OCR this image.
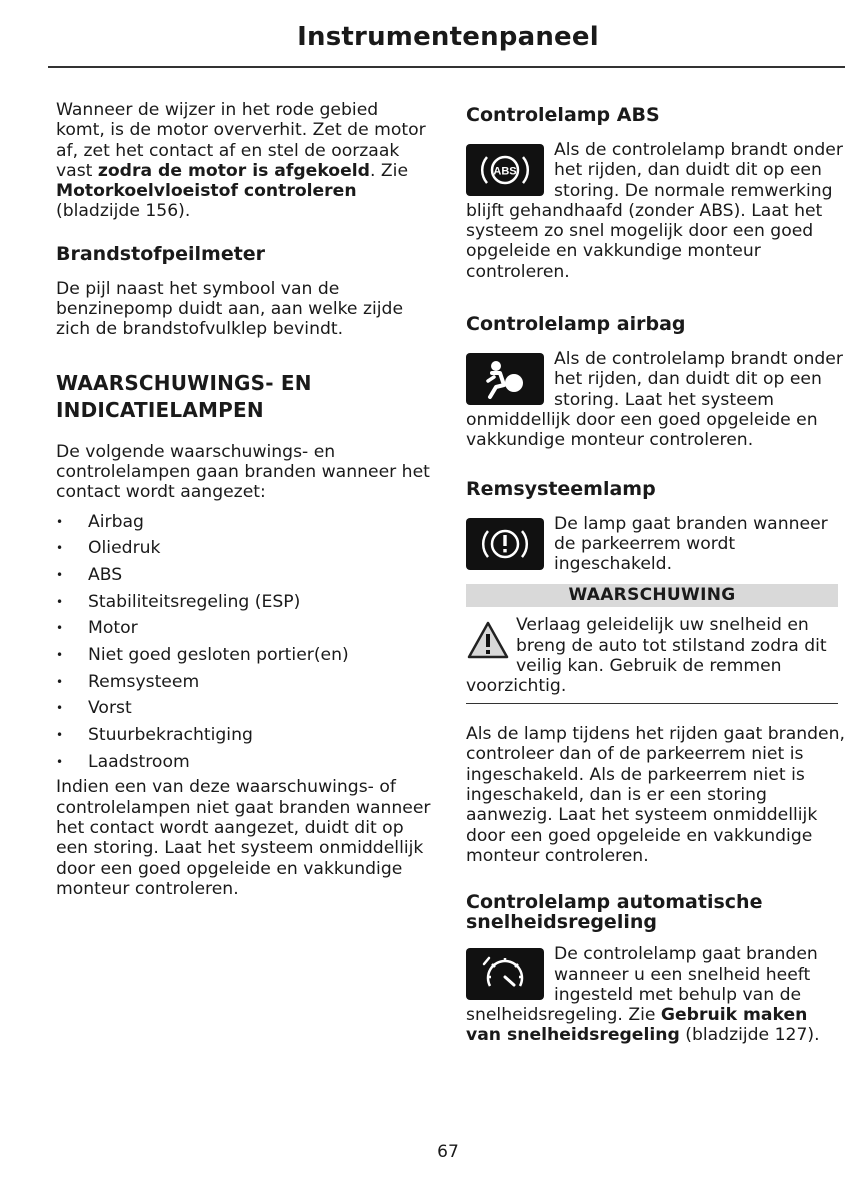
Instrumentenpaneel

Wanneer de wijzer in het rode gebied komt, is de motor oververhit. Zet de motor af, zet het contact af en stel de oorzaak vast zodra de motor is afgekoeld. Zie Motorkoelvloeistof controleren (bladzijde 156).

Brandstofpeilmeter

De pijl naast het symbool van de benzinepomp duidt aan, aan welke zijde zich de brandstofvulklep bevindt.

WAARSCHUWINGS- EN
INDICATIELAMPEN

De volgende waarschuwings- en controlelampen gaan branden wanneer het contact wordt aangezet:

• Airbag
• Oliedruk
• ABS
• Stabiliteitsregeling (ESP)
• Motor
• Niet goed gesloten portier(en)
• Remsysteem
• Vorst
• Stuurbekrachtiging
• Laadstroom

Indien een van deze waarschuwings- of controlelampen niet gaat branden wanneer het contact wordt aangezet, duidt dit op een storing. Laat het systeem onmiddellijk door een goed opgeleide en vakkundige monteur controleren.

Controlelamp ABS

ABS

Als de controlelamp brandt onder het rijden, dan duidt dit op een storing. De normale remwerking blijft gehandhaafd (zonder ABS). Laat het systeem zo snel mogelijk door een goed opgeleide en vakkundige monteur controleren.

Controlelamp airbag

Als de controlelamp brandt onder het rijden, dan duidt dit op een storing. Laat het systeem onmiddellijk door een goed opgeleide en vakkundige monteur controleren.

Remsysteemlamp

De lamp gaat branden wanneer de parkeerrem wordt ingeschakeld.

WAARSCHUWING

Verlaag geleidelijk uw snelheid en breng de auto tot stilstand zodra dit veilig kan. Gebruik de remmen voorzichtig.

Als de lamp tijdens het rijden gaat branden, controleer dan of de parkeerrem niet is ingeschakeld. Als de parkeerrem niet is ingeschakeld, dan is er een storing aanwezig. Laat het systeem onmiddellijk door een goed opgeleide en vakkundige monteur controleren.

Controlelamp automatische
snelheidsregeling

De controlelamp gaat branden wanneer u een snelheid heeft ingesteld met behulp van de snelheidsregeling. Zie Gebruik maken van snelheidsregeling (bladzijde 127).

67
